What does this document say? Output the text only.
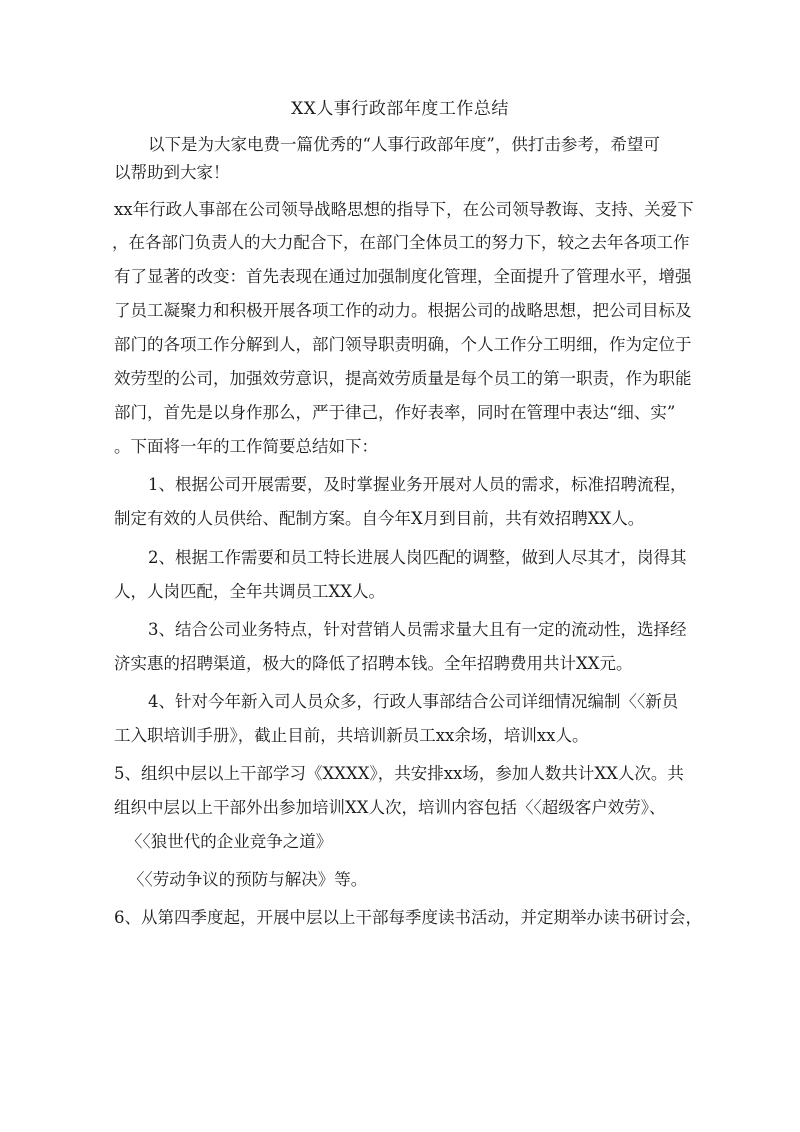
XX人事行政部年度工作总结
以下是为大家电费一篇优秀的“人事行政部年度”，供打击参考，希望可
以帮助到大家！
xx年行政人事部在公司领导战略思想的指导下，在公司领导教诲、支持、关爱下
，在各部门负责人的大力配合下，在部门全体员工的努力下，较之去年各项工作
有了显著的改变：首先表现在通过加强制度化管理，全面提升了管理水平，增强
了员工凝聚力和积极开展各项工作的动力。根据公司的战略思想，把公司目标及
部门的各项工作分解到人，部门领导职责明确，个人工作分工明细，作为定位于
效劳型的公司，加强效劳意识，提高效劳质量是每个员工的第一职责，作为职能
部门，首先是以身作那么，严于律己，作好表率，同时在管理中表达“细、实”
。下面将一年的工作简要总结如下：
1、根据公司开展需要，及时掌握业务开展对人员的需求，标准招聘流程，
制定有效的人员供给、配制方案。自今年X月到目前，共有效招聘XX人。
2、根据工作需要和员工特长进展人岗匹配的调整，做到人尽其才，岗得其
人，人岗匹配，全年共调员工XX人。
3、结合公司业务特点，针对营销人员需求量大且有一定的流动性，选择经
济实惠的招聘渠道，极大的降低了招聘本钱。全年招聘费用共计XX元。
4、针对今年新入司人员众多，行政人事部结合公司详细情况编制〈〈新员
工入职培训手册》，截止目前，共培训新员工xx余场，培训xx人。
5、组织中层以上干部学习《XXXX》，共安排xx场，参加人数共计XX人次。共
组织中层以上干部外出参加培训XX人次，培训内容包括〈〈超级客户效劳》、
〈〈狼世代的企业竞争之道》
〈〈劳动争议的预防与解决》等。
6、从第四季度起，开展中层以上干部每季度读书活动，并定期举办读书研讨会，
